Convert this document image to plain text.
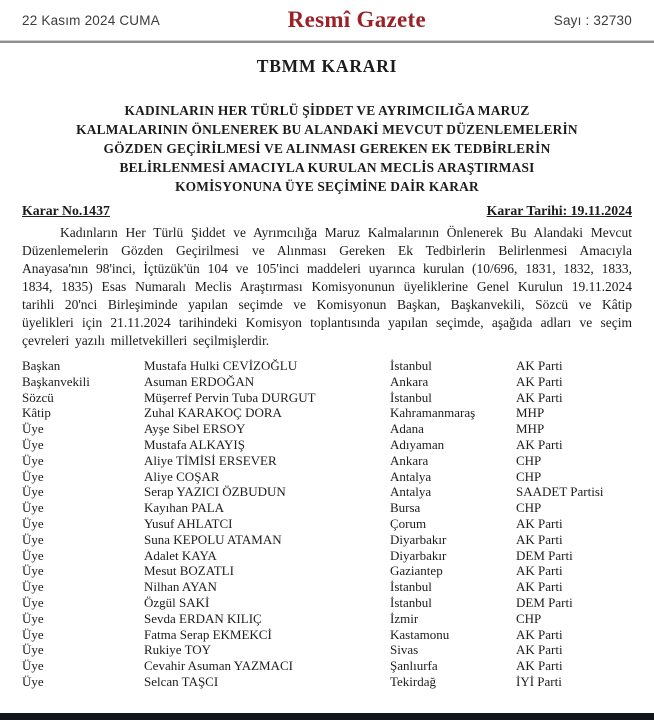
22 Kasım 2024 CUMA	Resmî Gazete	Sayı : 32730
TBMM KARARI
KADINLARIN HER TÜRLÜ ŞİDDET VE AYRIMCILIĞA MARUZ
KALMALARININ ÖNLENEREK BU ALANDAKİ MEVCUT DÜZENLEMELERİN
GÖZDEN GEÇİRİLMESİ VE ALINMASI GEREKEN EK TEDBİRLERİN
BELİRLENMESİ AMACIYLA KURULAN MECLİS ARAŞTIRMASI
KOMİSYONUNA ÜYE SEÇİMİNE DAİR KARAR
Karar No.1437	Karar Tarihi: 19.11.2024

Kadınların Her Türlü Şiddet ve Ayrımcılığa Maruz Kalmalarının Önlenerek Bu Alandaki Mevcut Düzenlemelerin Gözden Geçirilmesi ve Alınması Gereken Ek Tedbirlerin Belirlenmesi Amacıyla Anayasa'nın 98'inci, İçtüzük'ün 104 ve 105'inci maddeleri uyarınca kurulan (10/696, 1831, 1832, 1833, 1834, 1835) Esas Numaralı Meclis Araştırması Komisyonunun üyeliklerine Genel Kurulun 19.11.2024 tarihli 20'nci Birleşiminde yapılan seçimde ve Komisyonun Başkan, Başkanvekili, Sözcü ve Kâtip üyelikleri için 21.11.2024 tarihindeki Komisyon toplantısında yapılan seçimde, aşağıda adları ve seçim çevreleri yazılı milletvekilleri seçilmişlerdir.

Başkan	Mustafa Hulki CEVİZOĞLU	İstanbul	AK Parti
Başkanvekili	Asuman ERDOĞAN	Ankara	AK Parti
Sözcü	Müşerref Pervin Tuba DURGUT	İstanbul	AK Parti
Kâtip	Zuhal KARAKOÇ DORA	Kahramanmaraş	MHP
Üye	Ayşe Sibel ERSOY	Adana	MHP
Üye	Mustafa ALKAYIŞ	Adıyaman	AK Parti
Üye	Aliye TİMİSİ ERSEVER	Ankara	CHP
Üye	Aliye COŞAR	Antalya	CHP
Üye	Serap YAZICI ÖZBUDUN	Antalya	SAADET Partisi
Üye	Kayıhan PALA	Bursa	CHP
Üye	Yusuf AHLATCI	Çorum	AK Parti
Üye	Suna KEPOLU ATAMAN	Diyarbakır	AK Parti
Üye	Adalet KAYA	Diyarbakır	DEM Parti
Üye	Mesut BOZATLI	Gaziantep	AK Parti
Üye	Nilhan AYAN	İstanbul	AK Parti
Üye	Özgül SAKİ	İstanbul	DEM Parti
Üye	Sevda ERDAN KILIÇ	İzmir	CHP
Üye	Fatma Serap EKMEKCİ	Kastamonu	AK Parti
Üye	Rukiye TOY	Sivas	AK Parti
Üye	Cevahir Asuman YAZMACI	Şanlıurfa	AK Parti
Üye	Selcan TAŞCI	Tekirdağ	İYİ Parti
